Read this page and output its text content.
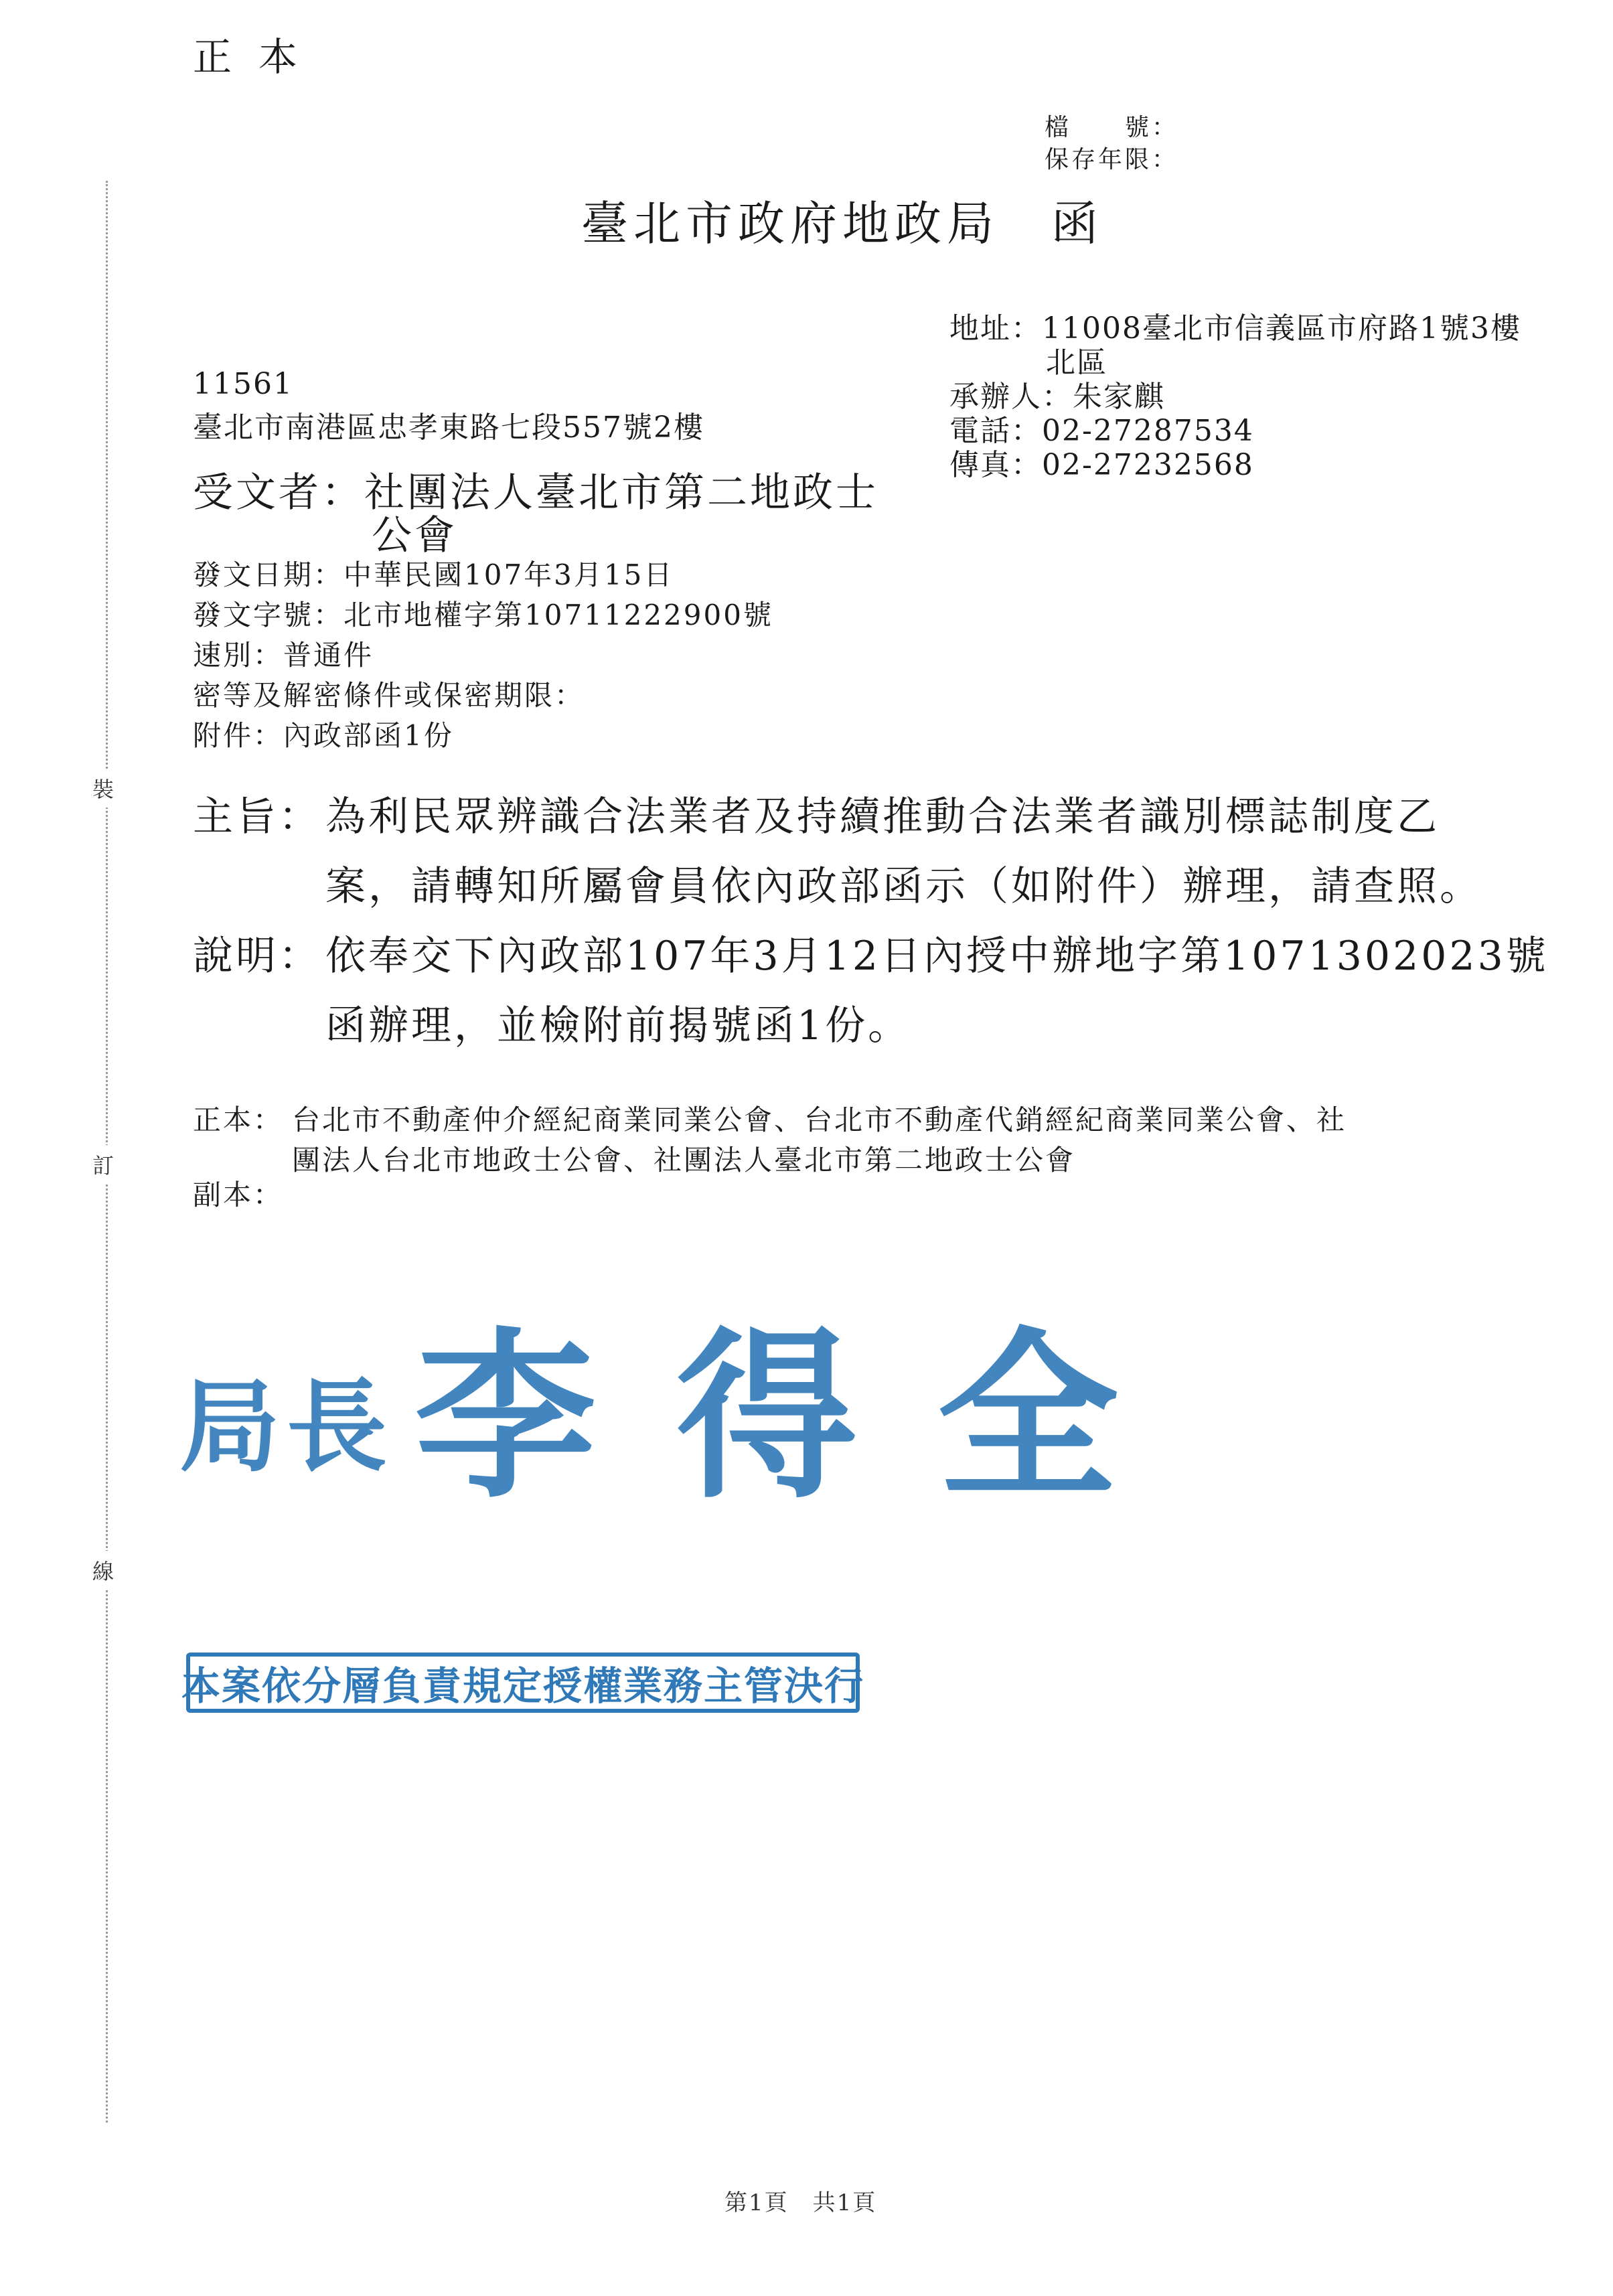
裝
訂
線
正本
檔　　號：
保存年限：
臺北市政府地政局　函
地址：11008臺北市信義區市府路1號3樓
北區
承辦人：朱家麒
電話：02-27287534
傳真：02-27232568
11561
臺北市南港區忠孝東路七段557號2樓
受文者：社團法人臺北市第二地政士
公會
發文日期：中華民國107年3月15日
發文字號：北市地權字第10711222900號
速別：普通件
密等及解密條件或保密期限：
附件：內政部函1份
主旨： 為利民眾辨識合法業者及持續推動合法業者識別標誌制度乙
案，請轉知所屬會員依內政部函示（如附件）辦理，請查照。
說明： 依奉交下內政部107年3月12日內授中辦地字第1071302023號
函辦理，並檢附前揭號函1份。
正本： 台北市不動產仲介經紀商業同業公會、台北市不動產代銷經紀商業同業公會、社
團法人台北市地政士公會、社團法人臺北市第二地政士公會
副本：
局長 李得全
本案依分層負責規定授權業務主管決行
第1頁　共1頁
